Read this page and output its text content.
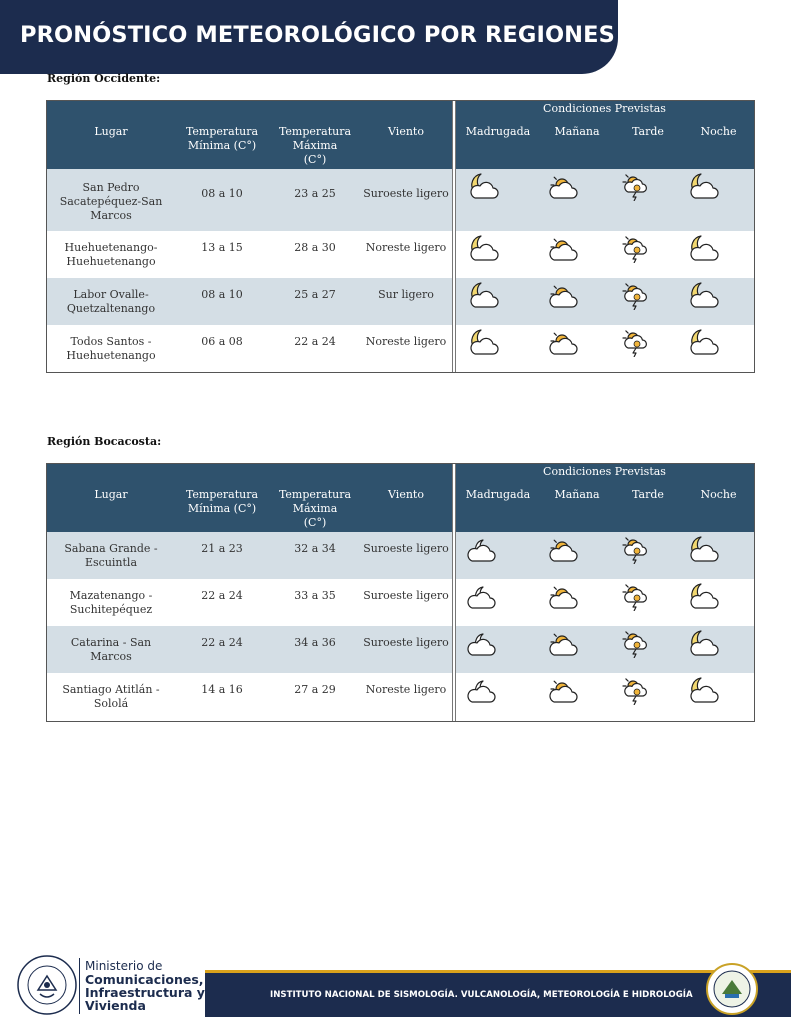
PRONÓSTICO METEOROLÓGICO POR REGIONES
Región Occidente:
Condiciones Previstas
Lugar	Temperatura
Mínima (C°)
Temperatura
Máxima
(C°)
Viento	Madrugada	Mañana	Tarde	Noche
San Pedro
Sacatepéquez-San
Marcos
08 a 10	23 a 25	Suroeste ligero
Huehuetenango-
Huehuetenango
13 a 15	28 a 30	Noreste ligero
Labor Ovalle-
Quetzaltenango
08 a 10	25 a 27	Sur ligero
Todos Santos -
Huehuetenango
06 a 08	22 a 24	Noreste ligero
Región Bocacosta:
Condiciones Previstas
Lugar	Temperatura
Mínima (C°)
Temperatura
Máxima
(C°)
Viento	Madrugada	Mañana	Tarde	Noche
Sabana Grande -
Escuintla
21 a 23	32 a 34	Suroeste ligero
Mazatenango -
Suchitepéquez
22 a 24	33 a 35	Suroeste ligero
Catarina - San
Marcos
22 a 24	34 a 36	Suroeste ligero
Santiago Atitlán -
Sololá
14 a 16	27 a 29	Noreste ligero
Ministerio de
Comunicaciones,
Infraestructura y
Vivienda
INSTITUTO NACIONAL DE SISMOLOGÍA. VULCANOLOGÍA, METEOROLOGÍA E HIDROLOGÍA
